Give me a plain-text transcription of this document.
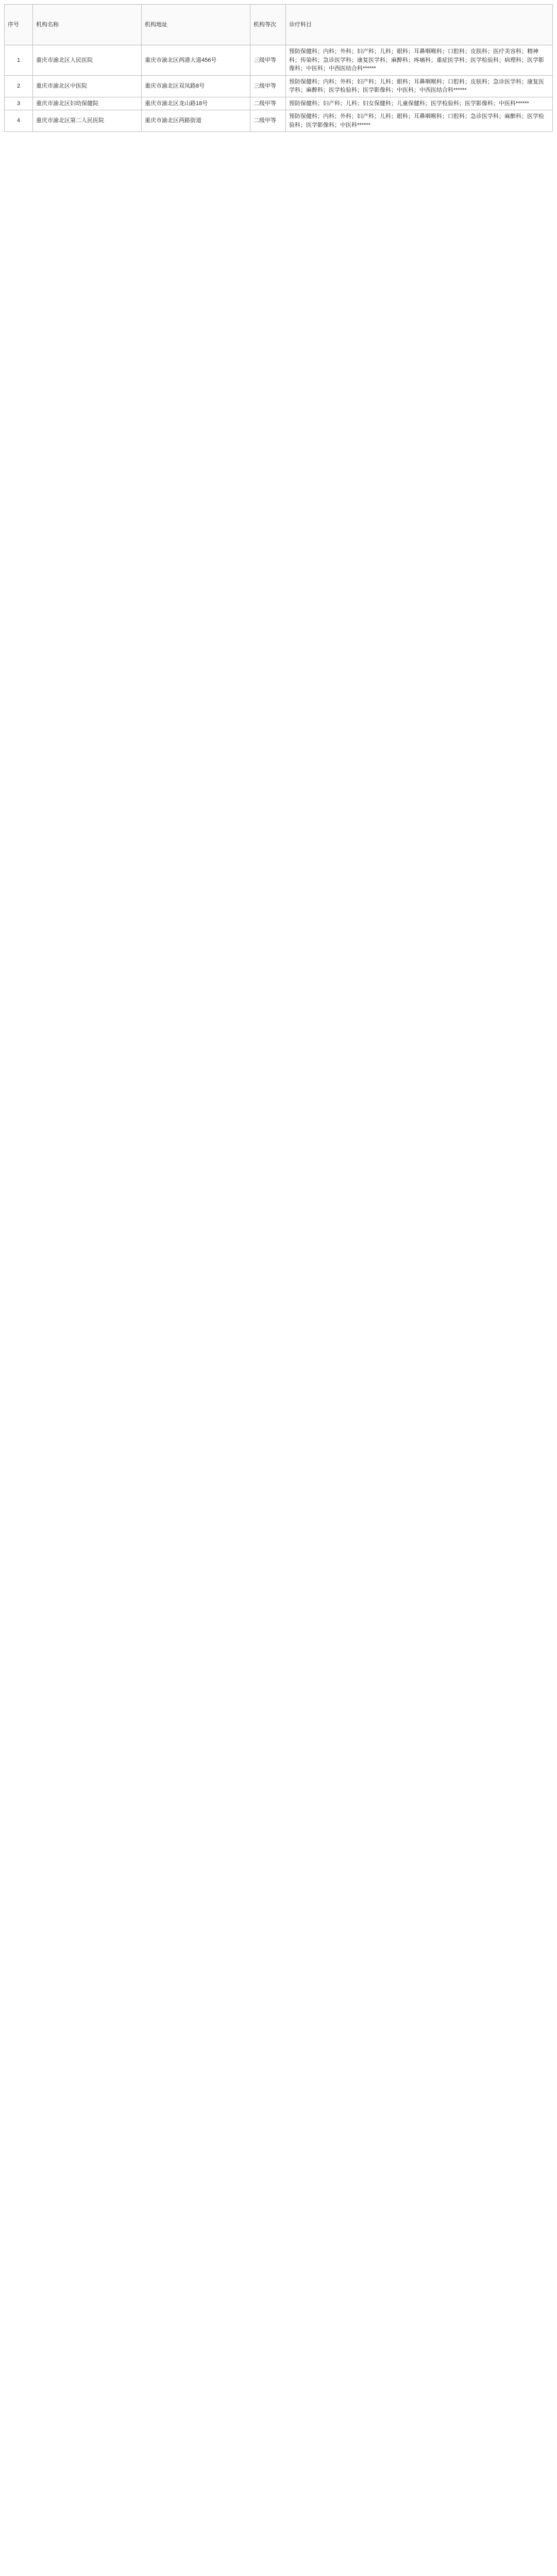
序号	机构名称	机构地址	机构等次	诊疗科目
1	重庆市渝北区人民医院	重庆市渝北区两港大道456号	三级甲等	预防保健科；内科；外科；妇产科；儿科；眼科；耳鼻咽喉科；口腔科；皮肤科；医疗美容科；精神科；传染科；急诊医学科；康复医学科；麻醉科；疼痛科；重症医学科；医学检验科；病理科；医学影像科；中医科；中西医结合科******
2	重庆市渝北区中医院	重庆市渝北区双凤路8号	三级甲等	预防保健科；内科；外科；妇产科；儿科；眼科；耳鼻咽喉科；口腔科；皮肤科；急诊医学科；康复医学科；麻醉科；医学检验科；医学影像科；中医科；中西医结合科******
3	重庆市渝北区妇幼保健院	重庆市渝北区龙山路18号	二级甲等	预防保健科；妇产科；儿科；妇女保健科；儿童保健科；医学检验科；医学影像科；中医科******
4	重庆市渝北区第二人民医院	重庆市渝北区两路街道	二级甲等	预防保健科；内科；外科；妇产科；儿科；眼科；耳鼻咽喉科；口腔科；急诊医学科；麻醉科；医学检验科；医学影像科；中医科******
